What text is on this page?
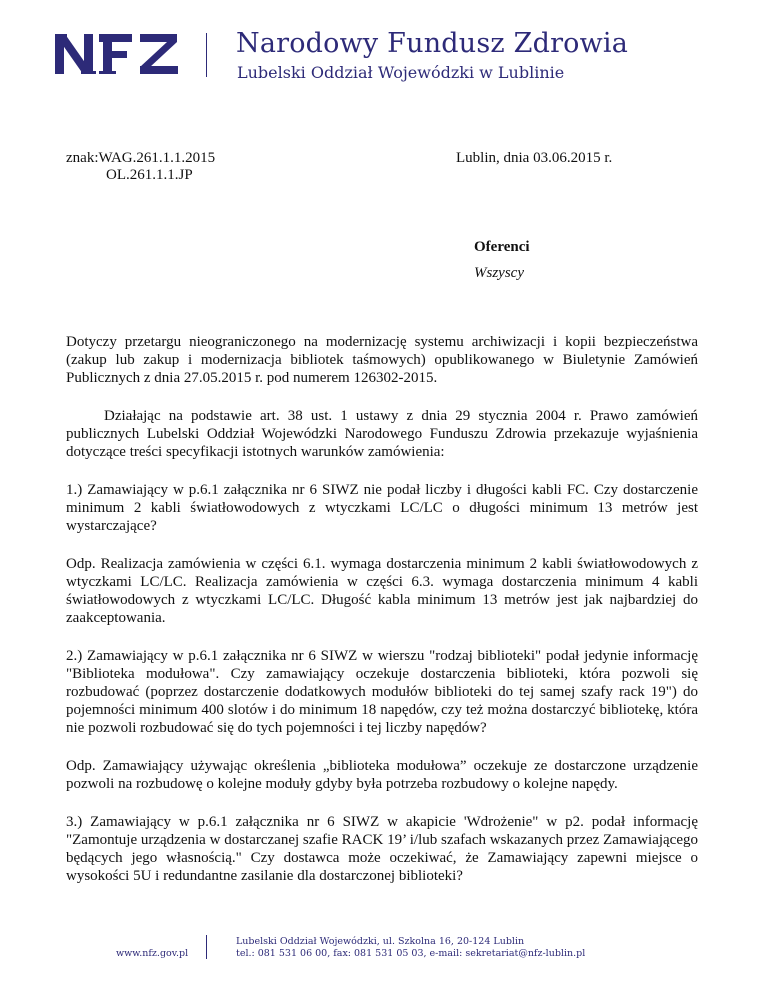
Narodowy Fundusz Zdrowia
Lubelski Oddział Wojewódzki w Lublinie
znak:WAG.261.1.1.2015
OL.261.1.1.JP
Lublin, dnia 03.06.2015 r.
Oferenci
Wszyscy

Dotyczy przetargu nieograniczonego na modernizację systemu archiwizacji i kopii bezpieczeństwa (zakup lub zakup i modernizacja bibliotek taśmowych) opublikowanego w Biuletynie Zamówień Publicznych z dnia 27.05.2015 r. pod numerem 126302-2015.

Działając na podstawie art. 38 ust. 1 ustawy z dnia 29 stycznia 2004 r. Prawo zamówień publicznych Lubelski Oddział Wojewódzki Narodowego Funduszu Zdrowia przekazuje wyjaśnienia dotyczące treści specyfikacji istotnych warunków zamówienia:

1.) Zamawiający w p.6.1 załącznika nr 6 SIWZ nie podał liczby i długości kabli FC. Czy dostarczenie minimum 2 kabli światłowodowych z wtyczkami LC/LC o długości minimum 13 metrów jest wystarczające?

Odp. Realizacja zamówienia w części 6.1. wymaga dostarczenia minimum 2 kabli światłowodowych z wtyczkami LC/LC. Realizacja zamówienia w części 6.3. wymaga dostarczenia minimum 4 kabli światłowodowych z wtyczkami LC/LC. Długość kabla minimum 13 metrów jest jak najbardziej do zaakceptowania.

2.) Zamawiający w p.6.1 załącznika nr 6 SIWZ w wierszu "rodzaj biblioteki" podał jedynie informację "Biblioteka modułowa". Czy zamawiający oczekuje dostarczenia biblioteki, która pozwoli się rozbudować (poprzez dostarczenie dodatkowych modułów biblioteki do tej samej szafy rack 19") do pojemności minimum 400 slotów i do minimum 18 napędów, czy też można dostarczyć bibliotekę, która nie pozwoli rozbudować się do tych pojemności i tej liczby napędów?

Odp. Zamawiający używając określenia „biblioteka modułowa” oczekuje ze dostarczone urządzenie pozwoli na rozbudowę o kolejne moduły gdyby była potrzeba rozbudowy o kolejne napędy.

3.) Zamawiający w p.6.1 załącznika nr 6 SIWZ w akapicie 'Wdrożenie" w p2. podał informację "Zamontuje urządzenia w dostarczanej szafie RACK 19’ i/lub szafach wskazanych przez Zamawiającego będących jego własnością." Czy dostawca może oczekiwać, że Zamawiający zapewni miejsce o wysokości 5U i redundantne zasilanie dla dostarczonej biblioteki?

www.nfz.gov.pl
Lubelski Oddział Wojewódzki, ul. Szkolna 16, 20-124 Lublin
tel.: 081 531 06 00, fax: 081 531 05 03, e-mail: sekretariat@nfz-lublin.pl
